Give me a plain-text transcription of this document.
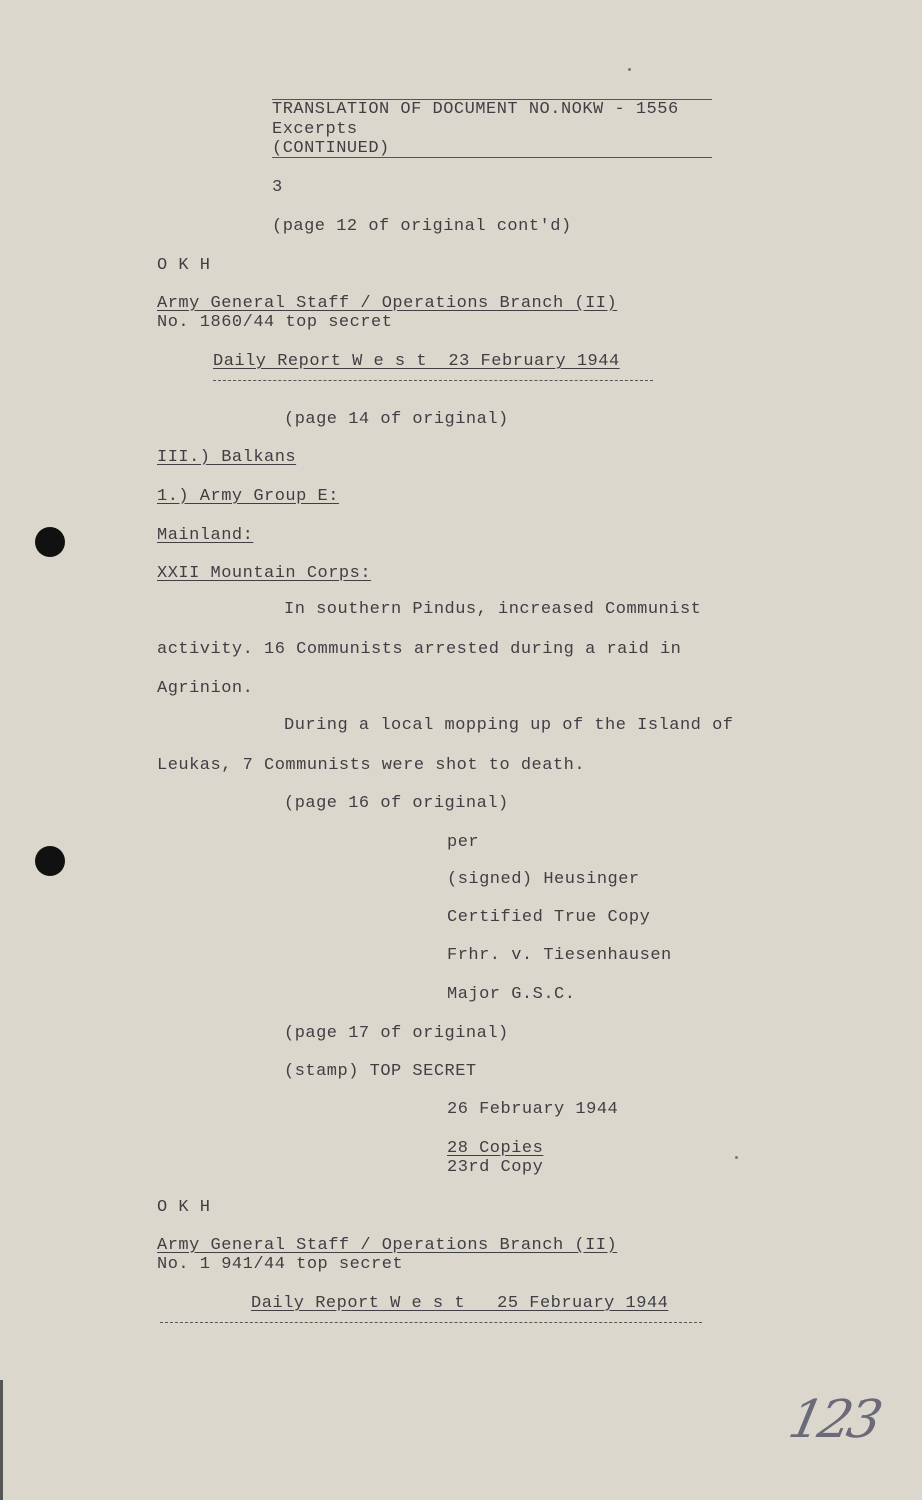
TRANSLATION OF DOCUMENT NO.NOKW - 1556
Excerpts
(CONTINUED)
3
(page 12 of original cont'd)
O K H
Army General Staff / Operations Branch (II)
No. 1860/44 top secret
Daily Report W e s t  23 February 1944
(page 14 of original)
III.) Balkans
1.) Army Group E:
Mainland:
XXII Mountain Corps:
In southern Pindus, increased Communist
activity. 16 Communists arrested during a raid in
Agrinion.
During a local mopping up of the Island of
Leukas, 7 Communists were shot to death.
(page 16 of original)
per
(signed) Heusinger
Certified True Copy
Frhr. v. Tiesenhausen
Major G.S.C.
(page 17 of original)
(stamp) TOP SECRET
26 February 1944
28 Copies
23rd Copy
O K H
Army General Staff / Operations Branch (II)
No. 1 941/44 top secret
Daily Report W e s t   25 February 1944
123
